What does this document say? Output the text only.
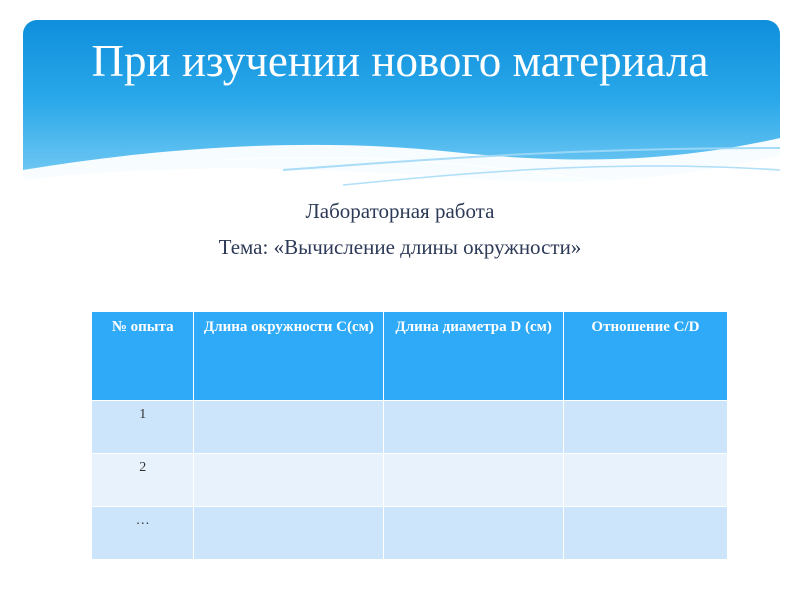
При изучении нового материала
Лабораторная работа
Тема: «Вычисление длины окружности»
№ опыта	Длина окружности С(см)	Длина диаметра D (см)	Отношение C/D
1			
2			
…			
